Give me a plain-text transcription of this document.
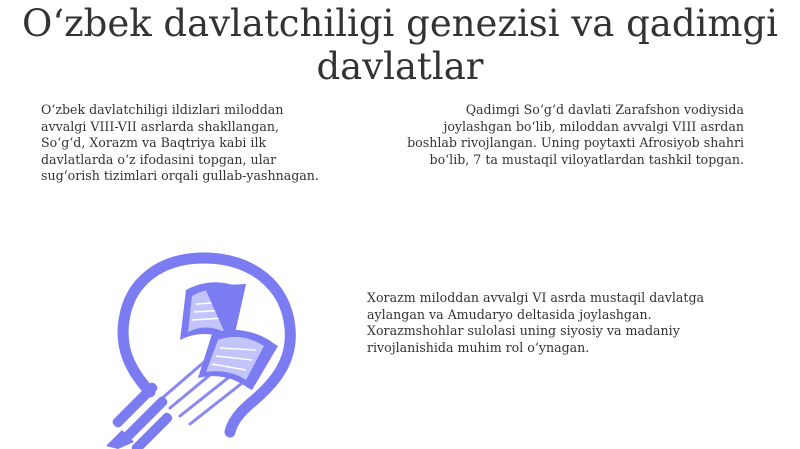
O‘zbek davlatchiligi genezisi va qadimgi davlatlar

O‘zbek davlatchiligi ildizlari miloddan avvalgi VIII-VII asrlarda shakllangan, So‘g‘d, Xorazm va Baqtriya kabi ilk davlatlarda o‘z ifodasini topgan, ular sug‘orish tizimlari orqali gullab-yashnagan.

Qadimgi So‘g‘d davlati Zarafshon vodiysida joylashgan bo‘lib, miloddan avvalgi VIII asrdan boshlab rivojlangan. Uning poytaxti Afrosiyob shahri bo‘lib, 7 ta mustaqil viloyatlardan tashkil topgan.

Xorazm miloddan avvalgi VI asrda mustaqil davlatga aylangan va Amudaryo deltasida joylashgan. Xorazmshohlar sulolasi uning siyosiy va madaniy rivojlanishida muhim rol o‘ynagan.
